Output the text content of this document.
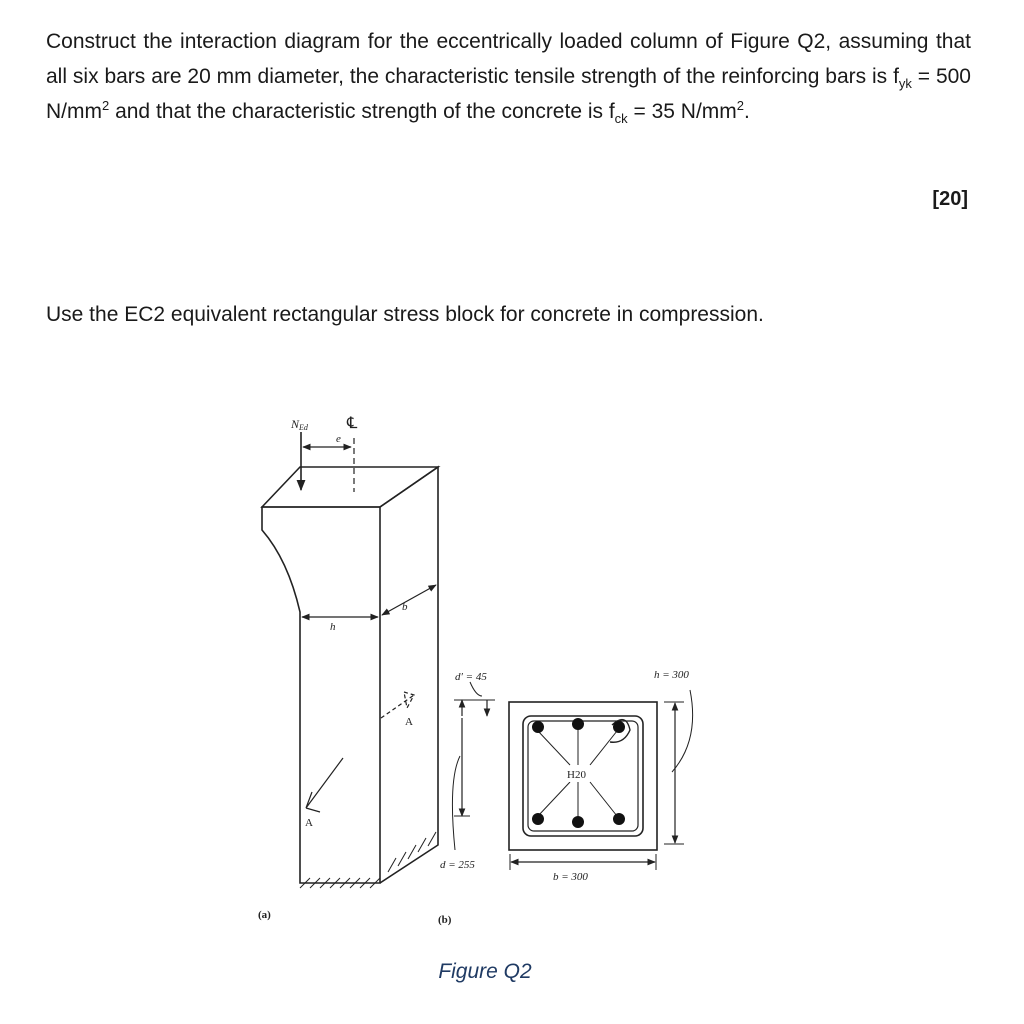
Construct the interaction diagram for the eccentrically loaded column of Figure Q2, assuming that all six bars are 20 mm diameter, the characteristic tensile strength of the reinforcing bars is $f_{yk} = 500$ $N/mm^2$ and that the characteristic strength of the concrete is $f_{ck} = 35$ $N/mm^2$.

[20]

Use the EC2 equivalent rectangular stress block for concrete in compression.

NEd ℄
e
h
b
A
A
(a)
d′ = 45
d = 255
h = 300
b = 300
H20
(b)
Figure Q2
